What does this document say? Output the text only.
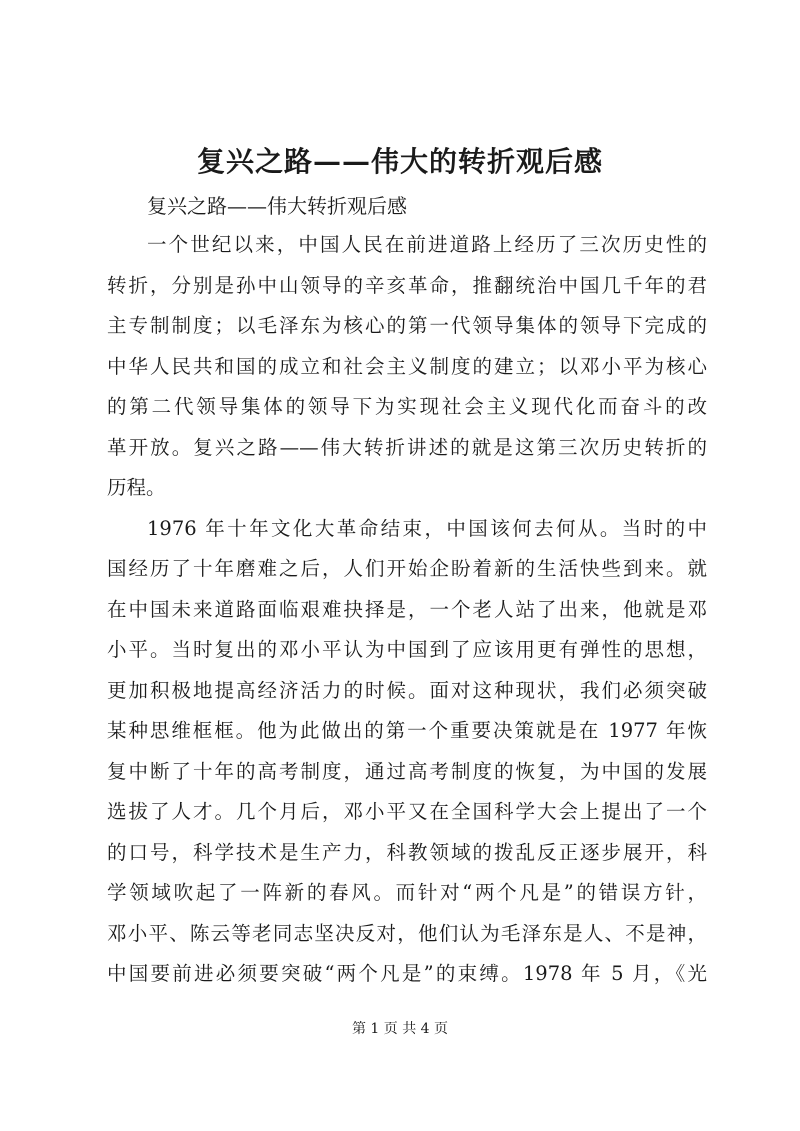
复兴之路——伟大的转折观后感

复兴之路——伟大转折观后感

一个世纪以来，中国人民在前进道路上经历了三次历史性的
转折，分别是孙中山领导的辛亥革命，推翻统治中国几千年的君
主专制制度；以毛泽东为核心的第一代领导集体的领导下完成的
中华人民共和国的成立和社会主义制度的建立；以邓小平为核心
的第二代领导集体的领导下为实现社会主义现代化而奋斗的改
革开放。复兴之路——伟大转折讲述的就是这第三次历史转折的
历程。
1976 年十年文化大革命结束，中国该何去何从。当时的中
国经历了十年磨难之后，人们开始企盼着新的生活快些到来。就
在中国未来道路面临艰难抉择是，一个老人站了出来，他就是邓
小平。当时复出的邓小平认为中国到了应该用更有弹性的思想，
更加积极地提高经济活力的时候。面对这种现状，我们必须突破
某种思维框框。他为此做出的第一个重要决策就是在 1977 年恢
复中断了十年的高考制度，通过高考制度的恢复，为中国的发展
选拔了人才。几个月后，邓小平又在全国科学大会上提出了一个
的口号，科学技术是生产力，科教领域的拨乱反正逐步展开，科
学领域吹起了一阵新的春风。而针对“两个凡是”的错误方针，
邓小平、陈云等老同志坚决反对，他们认为毛泽东是人、不是神，
中国要前进必须要突破“两个凡是”的束缚。1978 年 5 月，《光

第 1 页 共 4 页
